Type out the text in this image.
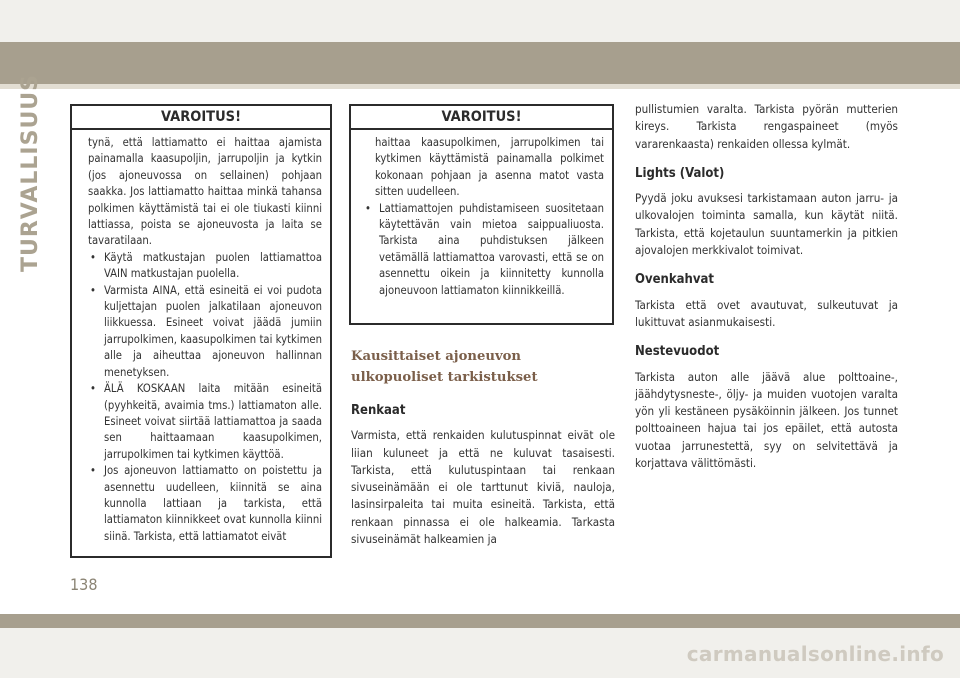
TURVALLISUUS	VAROITUS!

tynä, että lattiamatto ei haittaa ajamista painamalla kaasupoljin, jarrupoljin ja kytkin (jos ajoneuvossa on sellainen) pohjaan saakka. Jos lattiamatto haittaa minkä tahansa polkimen käyttämistä tai ei ole tiukasti kiinni lattiassa, poista se ajoneuvosta ja laita se tavaratilaan.

• Käytä matkustajan puolen lattiamattoa VAIN matkustajan puolella.
• Varmista AINA, että esineitä ei voi pudota kuljettajan puolen jalkatilaan ajoneuvon liikkuessa. Esineet voivat jäädä jumiin jarrupolkimen, kaasupolkimen tai kytkimen alle ja aiheuttaa ajoneuvon hallinnan menetyksen.
• ÄLÄ KOSKAAN laita mitään esineitä (pyyhkeitä, avaimia tms.) lattiamaton alle. Esineet voivat siirtää lattiamattoa ja saada sen haittaamaan kaasupolkimen, jarrupolkimen tai kytkimen käyttöä.
• Jos ajoneuvon lattiamatto on poistettu ja asennettu uudelleen, kiinnitä se aina kunnolla lattiaan ja tarkista, että lattiamaton kiinnikkeet ovat kunnolla kiinni siinä. Tarkista, että lattiamatot eivät
VAROITUS!

haittaa kaasupolkimen, jarrupolkimen tai kytkimen käyttämistä painamalla polkimet kokonaan pohjaan ja asenna matot vasta sitten uudelleen.

• Lattiamattojen puhdistamiseen suositetaan käytettävän vain mietoa saippualiuosta. Tarkista aina puhdistuksen jälkeen vetämällä lattiamattoa varovasti, että se on asennettu oikein ja kiinnitetty kunnolla ajoneuvoon lattiamaton kiinnikkeillä.
Kausittaiset ajoneuvon ulkopuoliset tarkistukset
Renkaat

Varmista, että renkaiden kulutuspinnat eivät ole liian kuluneet ja että ne kuluvat tasaisesti. Tarkista, että kulutuspintaan tai renkaan sivuseinämään ei ole tarttunut kiviä, nauloja, lasinsirpaleita tai muita esineitä. Tarkista, että renkaan pinnassa ei ole halkeamia. Tarkasta sivuseinämät halkeamien ja

pullistumien varalta. Tarkista pyörän mutterien kireys. Tarkista rengaspaineet (myös vararenkaasta) renkaiden ollessa kylmät.

Lights (Valot)

Pyydä joku avuksesi tarkistamaan auton jarru- ja ulkovalojen toiminta samalla, kun käytät niitä. Tarkista, että kojetaulun suuntamerkin ja pitkien ajovalojen merkkivalot toimivat.

Ovenkahvat

Tarkista että ovet avautuvat, sulkeutuvat ja lukittuvat asianmukaisesti.

Nestevuodot

Tarkista auton alle jäävä alue polttoaine-, jäähdytysneste-, öljy- ja muiden vuotojen varalta yön yli kestäneen pysäköinnin jälkeen. Jos tunnet polttoaineen hajua tai jos epäilet, että autosta vuotaa jarrunestettä, syy on selvitettävä ja korjattava välittömästi.

138
carmanualsonline.info
